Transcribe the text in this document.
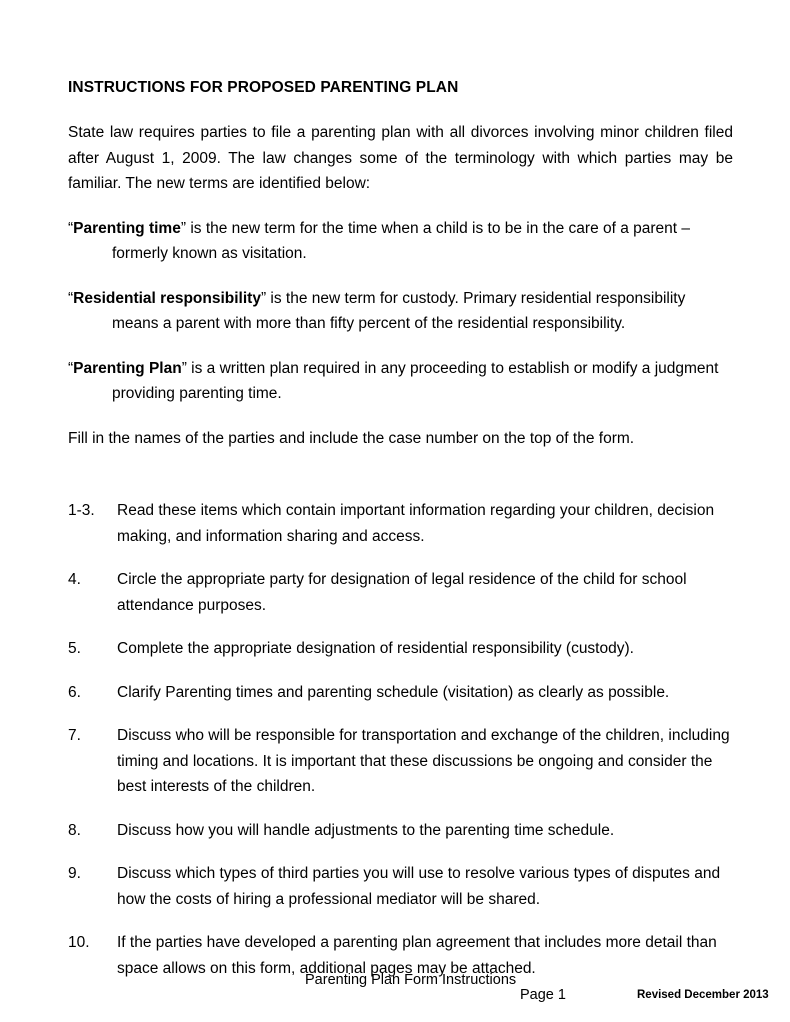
INSTRUCTIONS FOR PROPOSED PARENTING PLAN

State law requires parties to file a parenting plan with all divorces involving minor children filed after August 1, 2009. The law changes some of the terminology with which parties may be familiar. The new terms are identified below:

“Parenting time” is the new term for the time when a child is to be in the care of a parent – formerly known as visitation.

“Residential responsibility” is the new term for custody. Primary residential responsibility means a parent with more than fifty percent of the residential responsibility.

“Parenting Plan” is a written plan required in any proceeding to establish or modify a judgment providing parenting time.

Fill in the names of the parties and include the case number on the top of the form.

1-3.	Read these items which contain important information regarding your children, decision making, and information sharing and access.
4.	Circle the appropriate party for designation of legal residence of the child for school attendance purposes.
5.	Complete the appropriate designation of residential responsibility (custody).
6.	Clarify Parenting times and parenting schedule (visitation) as clearly as possible.
7.	Discuss who will be responsible for transportation and exchange of the children, including timing and locations. It is important that these discussions be ongoing and consider the best interests of the children.
8.	Discuss how you will handle adjustments to the parenting time schedule.
9.	Discuss which types of third parties you will use to resolve various types of disputes and how the costs of hiring a professional mediator will be shared.
10.	If the parties have developed a parenting plan agreement that includes more detail than space allows on this form, additional pages may be attached.
Parenting Plan Form Instructions
Page 1	Revised December 2013
